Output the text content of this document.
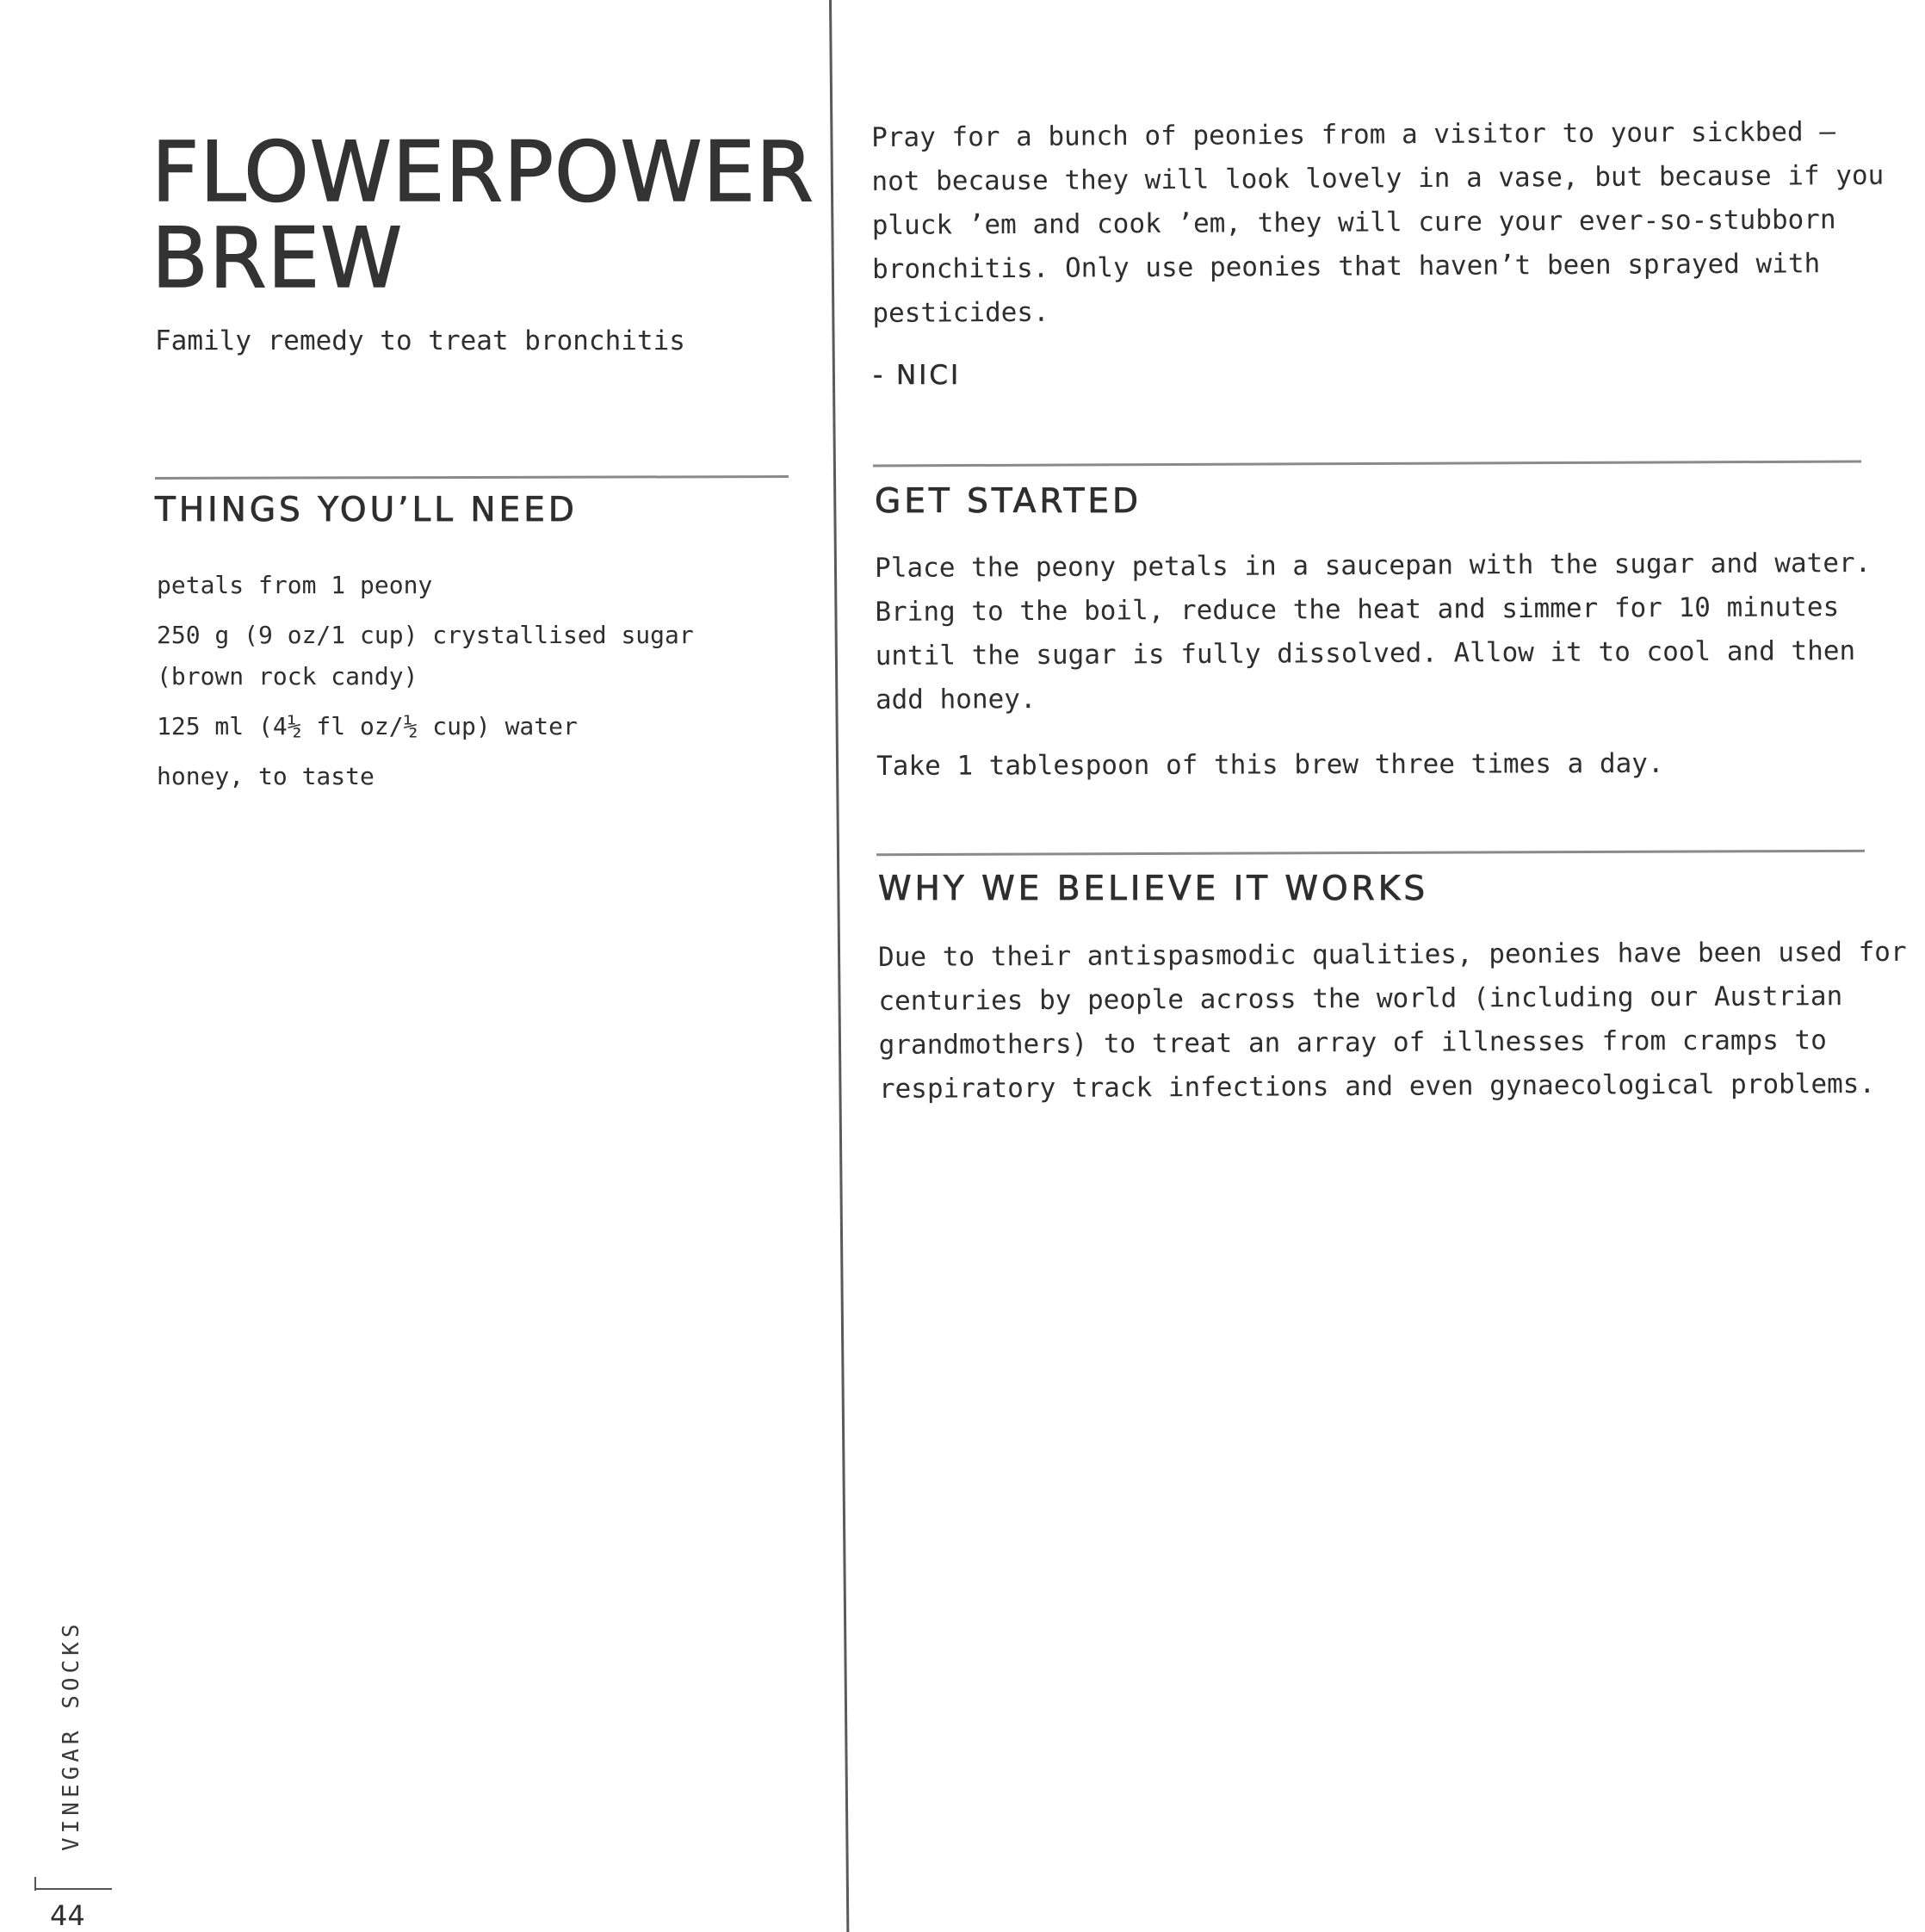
FLOWERPOWER
BREW

Family remedy to treat bronchitis

THINGS YOU’LL NEED
petals from 1 peony
250 g (9 oz/1 cup) crystallised sugar
(brown rock candy)
125 ml (4½ fl oz/½ cup) water
honey, to taste

Pray for a bunch of peonies from a visitor to your sickbed – not because they will look lovely in a vase, but because if you pluck ’em and cook ’em, they will cure your ever-so-stubborn bronchitis. Only use peonies that haven’t been sprayed with pesticides.

- NICI

GET STARTED

Place the peony petals in a saucepan with the sugar and water. Bring to the boil, reduce the heat and simmer for 10 minutes until the sugar is fully dissolved. Allow it to cool and then add honey.

Take 1 tablespoon of this brew three times a day.

WHY WE BELIEVE IT WORKS

Due to their antispasmodic qualities, peonies have been used for centuries by people across the world (including our Austrian grandmothers) to treat an array of illnesses from cramps to respiratory track infections and even gynaecological problems.

VINEGAR SOCKS
44
